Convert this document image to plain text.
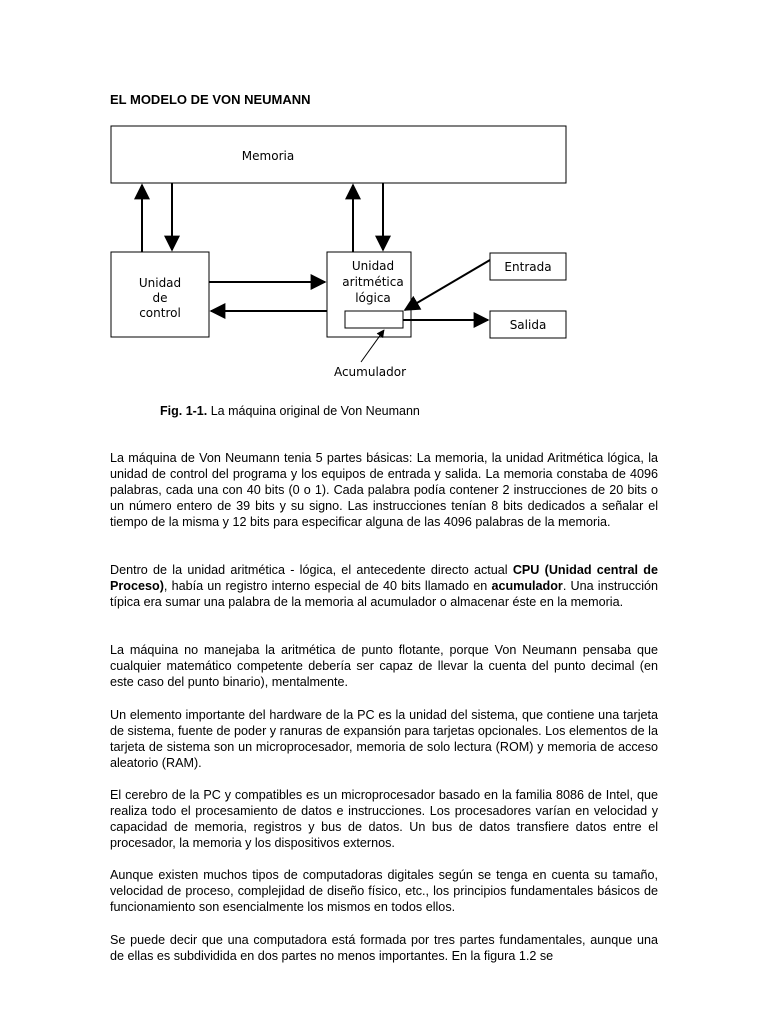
EL MODELO DE VON NEUMANN
Memoria
Unidad
de
control
Unidad
aritmética
lógica
Entrada
Salida
Acumulador
Fig. 1-1. La máquina original de Von Neumann

La máquina de Von Neumann tenia 5 partes básicas: La memoria, la unidad Aritmética lógica, la unidad de control del programa y los equipos de entrada y salida. La memoria constaba de 4096 palabras, cada una con 40 bits (0 o 1). Cada palabra podía contener 2 instrucciones de 20 bits o un número entero de 39 bits y su signo. Las instrucciones tenían 8 bits dedicados a señalar el tiempo de la misma y 12 bits para especificar alguna de las 4096 palabras de la memoria.

Dentro de la unidad aritmética - lógica, el antecedente directo actual CPU (Unidad central de Proceso), había un registro interno especial de 40 bits llamado en acumulador. Una instrucción típica era sumar una palabra de la memoria al acumulador o almacenar éste en la memoria.

La máquina no manejaba la aritmética de punto flotante, porque Von Neumann pensaba que cualquier matemático competente debería ser capaz de llevar la cuenta del punto decimal (en este caso del punto binario), mentalmente.

Un elemento importante del hardware de la PC es la unidad del sistema, que contiene una tarjeta de sistema, fuente de poder y ranuras de expansión para tarjetas opcionales. Los elementos de la tarjeta de sistema son un microprocesador, memoria de solo lectura (ROM) y memoria de acceso aleatorio (RAM).

El cerebro de la PC y compatibles es un microprocesador basado en la familia 8086 de Intel, que realiza todo el procesamiento de datos e instrucciones. Los procesadores varían en velocidad y capacidad de memoria, registros y bus de datos. Un bus de datos transfiere datos entre el procesador, la memoria y los dispositivos externos.

Aunque existen muchos tipos de computadoras digitales según se tenga en cuenta su tamaño, velocidad de proceso, complejidad de diseño físico, etc., los principios fundamentales básicos de funcionamiento son esencialmente los mismos en todos ellos.

Se puede decir que una computadora está formada por tres partes fundamentales, aunque una de ellas es subdividida en dos partes no menos importantes. En la figura 1.2 se
